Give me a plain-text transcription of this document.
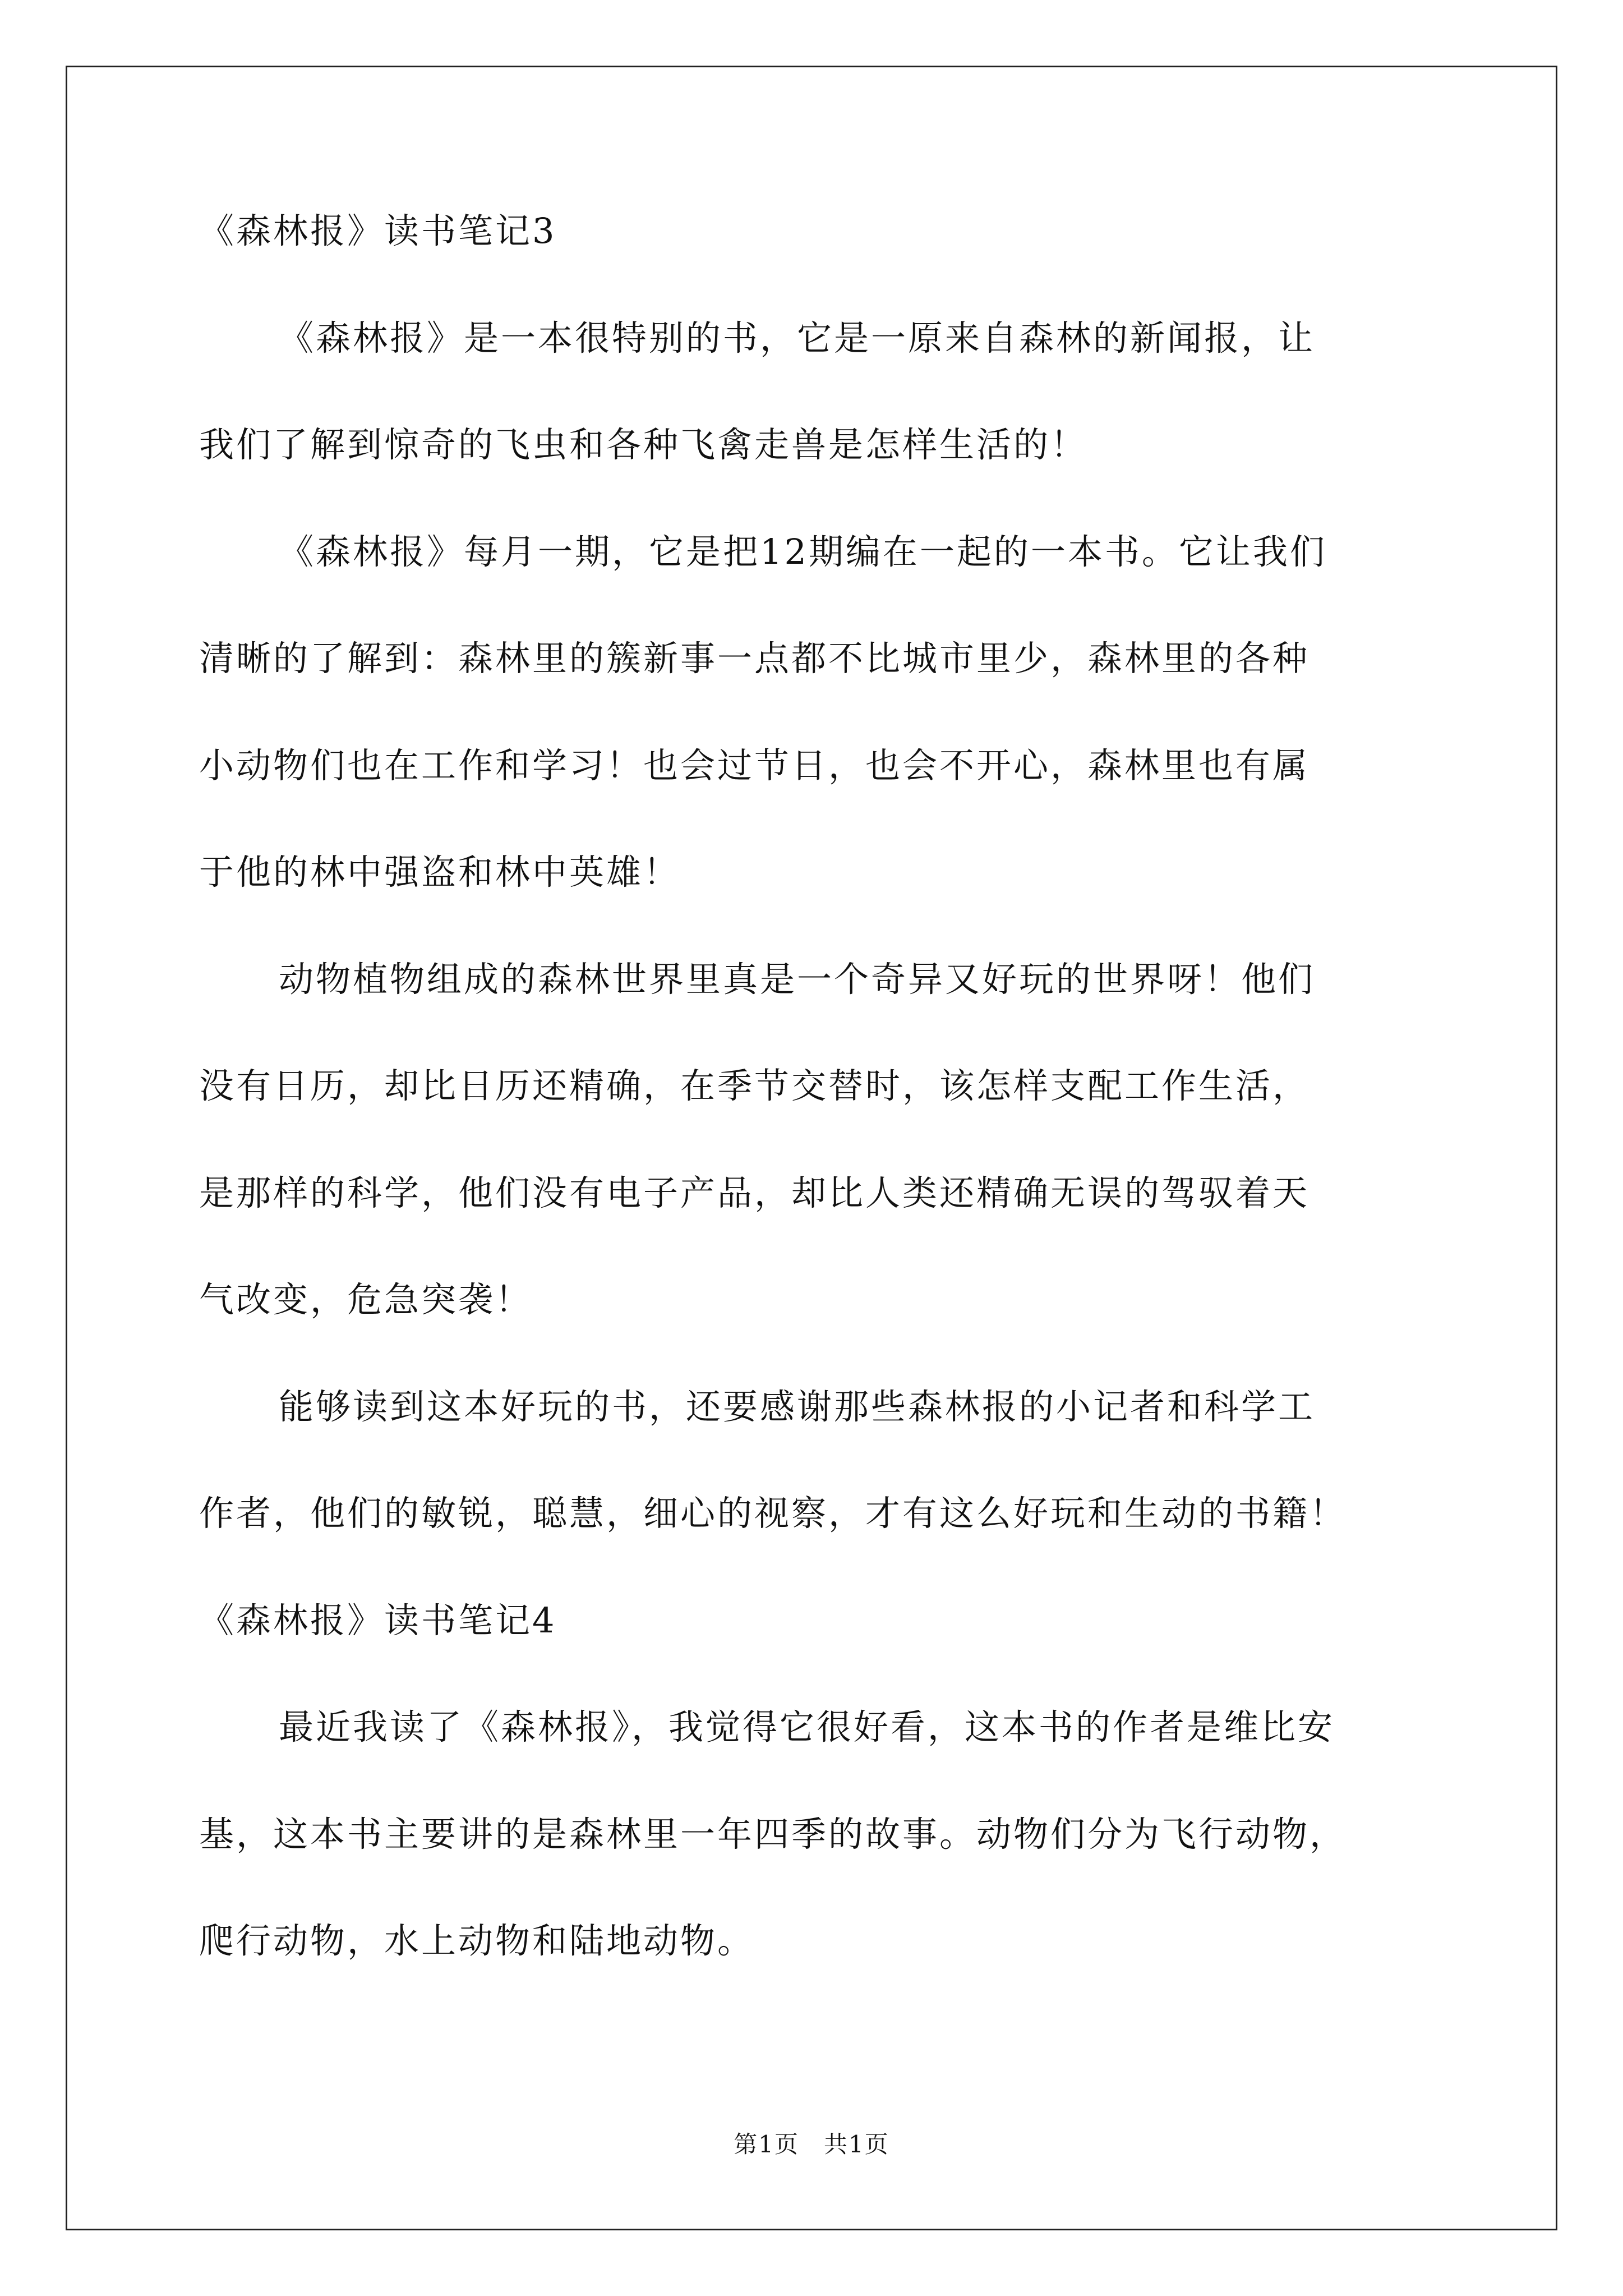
《森林报》读书笔记3
《森林报》是一本很特别的书，它是一原来自森林的新闻报，让
我们了解到惊奇的飞虫和各种飞禽走兽是怎样生活的！
《森林报》每月一期，它是把12期编在一起的一本书。它让我们
清晰的了解到：森林里的簇新事一点都不比城市里少，森林里的各种
小动物们也在工作和学习！也会过节日，也会不开心，森林里也有属
于他的林中强盗和林中英雄！
动物植物组成的森林世界里真是一个奇异又好玩的世界呀！他们
没有日历，却比日历还精确，在季节交替时，该怎样支配工作生活，
是那样的科学，他们没有电子产品，却比人类还精确无误的驾驭着天
气改变，危急突袭！
能够读到这本好玩的书，还要感谢那些森林报的小记者和科学工
作者，他们的敏锐，聪慧，细心的视察，才有这么好玩和生动的书籍！
《森林报》读书笔记4
最近我读了《森林报》，我觉得它很好看，这本书的作者是维比安
基，这本书主要讲的是森林里一年四季的故事。动物们分为飞行动物，
爬行动物，水上动物和陆地动物。
第1页 共1页
